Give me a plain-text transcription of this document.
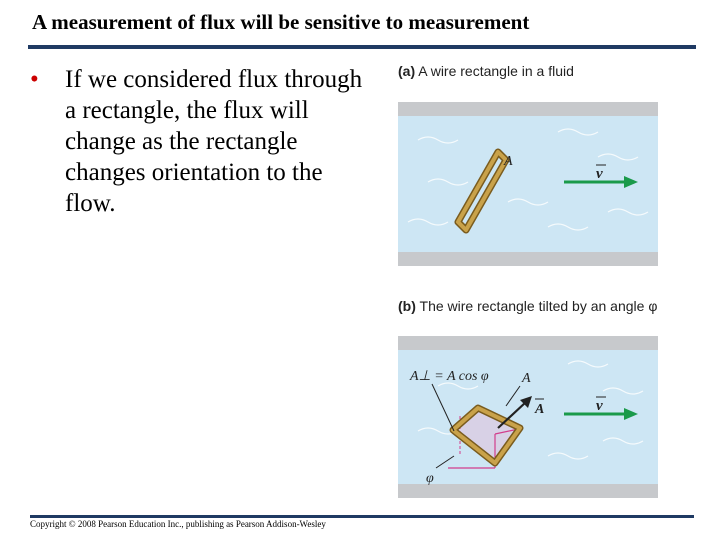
A measurement of flux will be sensitive to measurement
• If we considered flux through a rectangle, the flux will change as the rectangle changes orientation to the flow.
(a) A wire rectangle in a fluid
A
v
(b) The wire rectangle tilted by an angle φ
A⊥ = A cos φ A
A	v
φ
Copyright © 2008 Pearson Education Inc., publishing as Pearson Addison-Wesley
